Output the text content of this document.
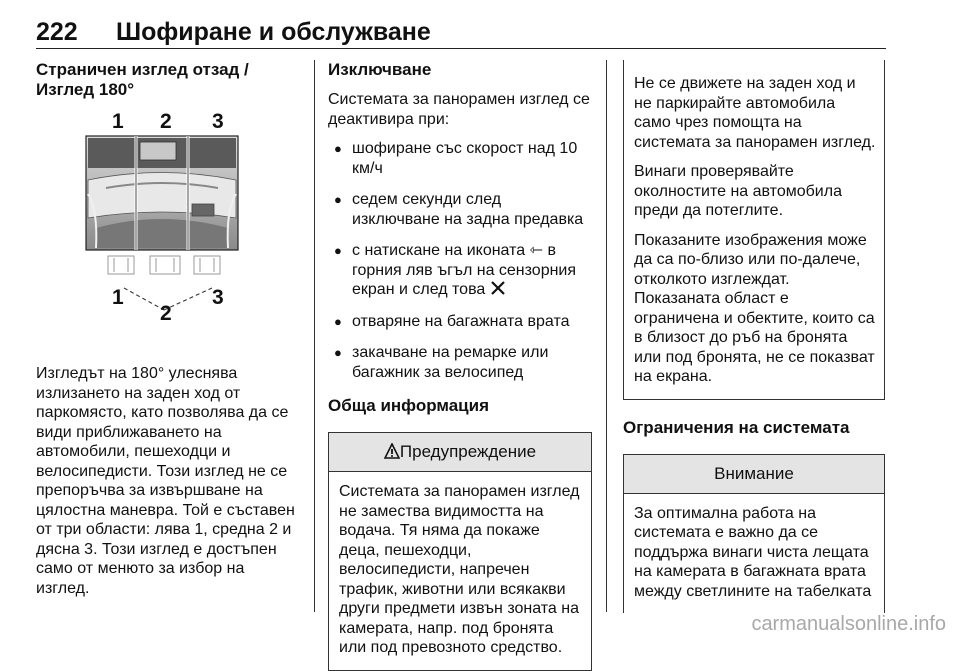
222 Шофиране и обслужване
Страничен изглед отзад /
Изглед 180°

Изгледът на 180° улеснява излизането на заден ход от паркомясто, като позволява да се види приближаването на автомобили, пешеходци и велосипедисти. Този изглед не се препоръчва за извършване на цялостна маневра. Той е съставен от три области: лява 1, средна 2 и дясна 3. Този изглед е достъпен само от менюто за избор на изглед.

1 2 3
1
2
3
Изключване

Системата за панорамен изглед се деактивира при:

● шофиране със скорост над 10 км/ч
● седем секунди след изключване на задна предавка
● с натискане на иконата ⇽ в горния ляв ъгъл на сензорния екран и след това
● отваряне на багажната врата
● закачване на ремарке или багажник за велосипед
Обща информация
Предупреждение
Системата за панорамен изглед не замества видимостта на водача. Тя няма да покаже деца, пешеходци, велосипедисти, напречен трафик, животни или всякакви други предмети извън зоната на камерата, напр. под бронята или под превозното средство.

Не се движете на заден ход и не паркирайте автомобила само чрез помощта на системата за панорамен изглед.

Винаги проверявайте околностите на автомобила преди да потеглите.

Показаните изображения може да са по-близо или по-далече, отколкото изглеждат. Показаната област е ограничена и обектите, които са в близост до ръб на бронята или под бронята, не се показват на екрана.

Ограничения на системата
Внимание
За оптимална работа на системата е важно да се поддържа винаги чиста лещата на камерата в багажната врата между светлините на табелката
carmanualsonline.info
